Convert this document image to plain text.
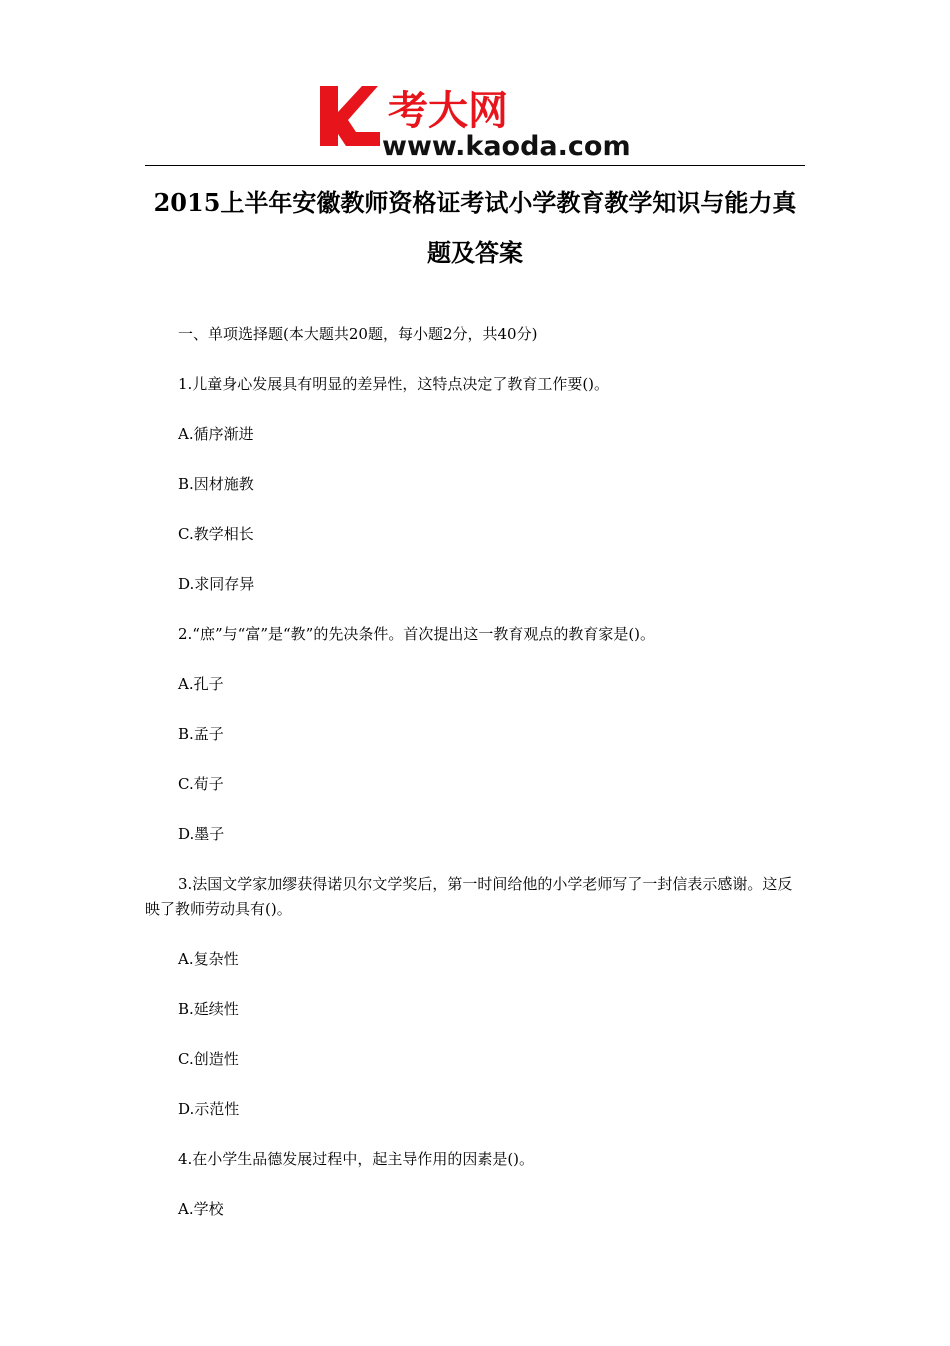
考大网
www.kaoda.com
2015上半年安徽教师资格证考试小学教育教学知识与能力真题及答案

一、单项选择题(本大题共20题，每小题2分，共40分)

1.儿童身心发展具有明显的差异性，这特点决定了教育工作要()。

A.循序渐进

B.因材施教

C.教学相长

D.求同存异

2.“庶”与“富”是“教”的先决条件。首次提出这一教育观点的教育家是()。

A.孔子

B.孟子

C.荀子

D.墨子

3.法国文学家加缪获得诺贝尔文学奖后，第一时间给他的小学老师写了一封信表示感谢。这反映了教师劳动具有()。

A.复杂性

B.延续性

C.创造性

D.示范性

4.在小学生品德发展过程中，起主导作用的因素是()。

A.学校
